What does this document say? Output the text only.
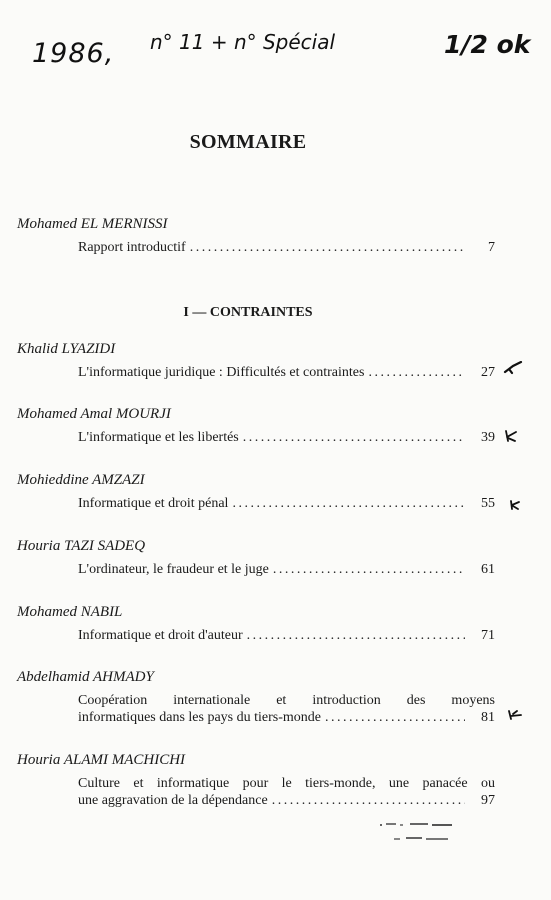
1986, n° 11 + n° Spécial	1/2 ok
SOMMAIRE
Mohamed EL MERNISSI
Rapport introductif . . .	7
I — CONTRAINTES
Khalid LYAZIDI
L'informatique juridique : Difficultés et contraintes . . .	27
Mohamed Amal MOURJI
L'informatique et les libertés . . .	39
Mohieddine AMZAZI
Informatique et droit pénal . . .	55
Houria TAZI SADEQ
L'ordinateur, le fraudeur et le juge . . .	61
Mohamed NABIL
Informatique et droit d'auteur . . .	71
Abdelhamid AHMADY
Coopération internationale et introduction des moyens
informatiques dans les pays du tiers-monde . . .	81
Houria ALAMI MACHICHI
Culture et informatique pour le tiers-monde, une panacée ou
une aggravation de la dépendance . . .	97
